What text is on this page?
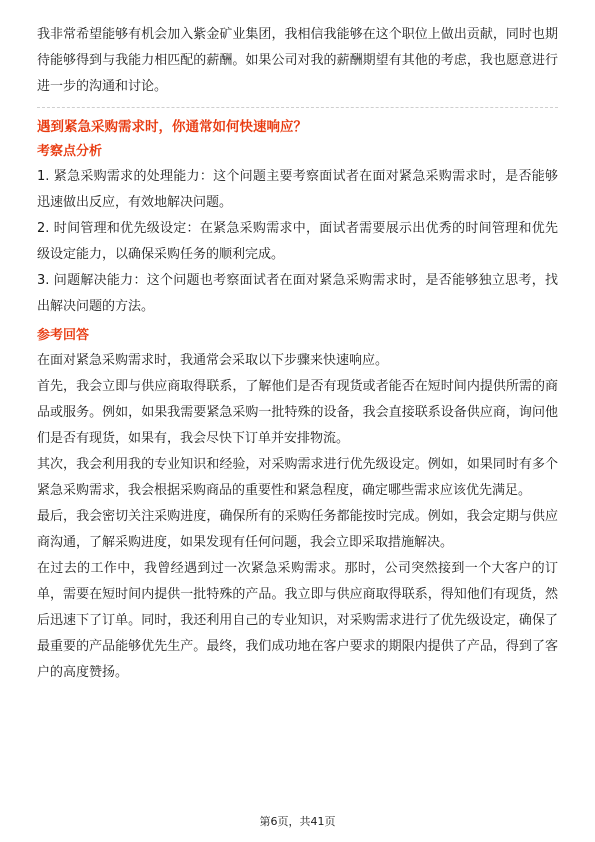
我非常希望能够有机会加入紫金矿业集团，我相信我能够在这个职位上做出贡献，同时也期待能够得到与我能力相匹配的薪酬。如果公司对我的薪酬期望有其他的考虑，我也愿意进行进一步的沟通和讨论。

遇到紧急采购需求时，你通常如何快速响应？

考察点分析

1. 紧急采购需求的处理能力：这个问题主要考察面试者在面对紧急采购需求时，是否能够迅速做出反应，有效地解决问题。

2. 时间管理和优先级设定：在紧急采购需求中，面试者需要展示出优秀的时间管理和优先级设定能力，以确保采购任务的顺利完成。

3. 问题解决能力：这个问题也考察面试者在面对紧急采购需求时，是否能够独立思考，找出解决问题的方法。

参考回答

在面对紧急采购需求时，我通常会采取以下步骤来快速响应。

首先，我会立即与供应商取得联系，了解他们是否有现货或者能否在短时间内提供所需的商品或服务。例如，如果我需要紧急采购一批特殊的设备，我会直接联系设备供应商，询问他们是否有现货，如果有，我会尽快下订单并安排物流。

其次，我会利用我的专业知识和经验，对采购需求进行优先级设定。例如，如果同时有多个紧急采购需求，我会根据采购商品的重要性和紧急程度，确定哪些需求应该优先满足。

最后，我会密切关注采购进度，确保所有的采购任务都能按时完成。例如，我会定期与供应商沟通，了解采购进度，如果发现有任何问题，我会立即采取措施解决。

在过去的工作中，我曾经遇到过一次紧急采购需求。那时，公司突然接到一个大客户的订单，需要在短时间内提供一批特殊的产品。我立即与供应商取得联系，得知他们有现货，然后迅速下了订单。同时，我还利用自己的专业知识，对采购需求进行了优先级设定，确保了最重要的产品能够优先生产。最终，我们成功地在客户要求的期限内提供了产品，得到了客户的高度赞扬。

第6页，共41页
